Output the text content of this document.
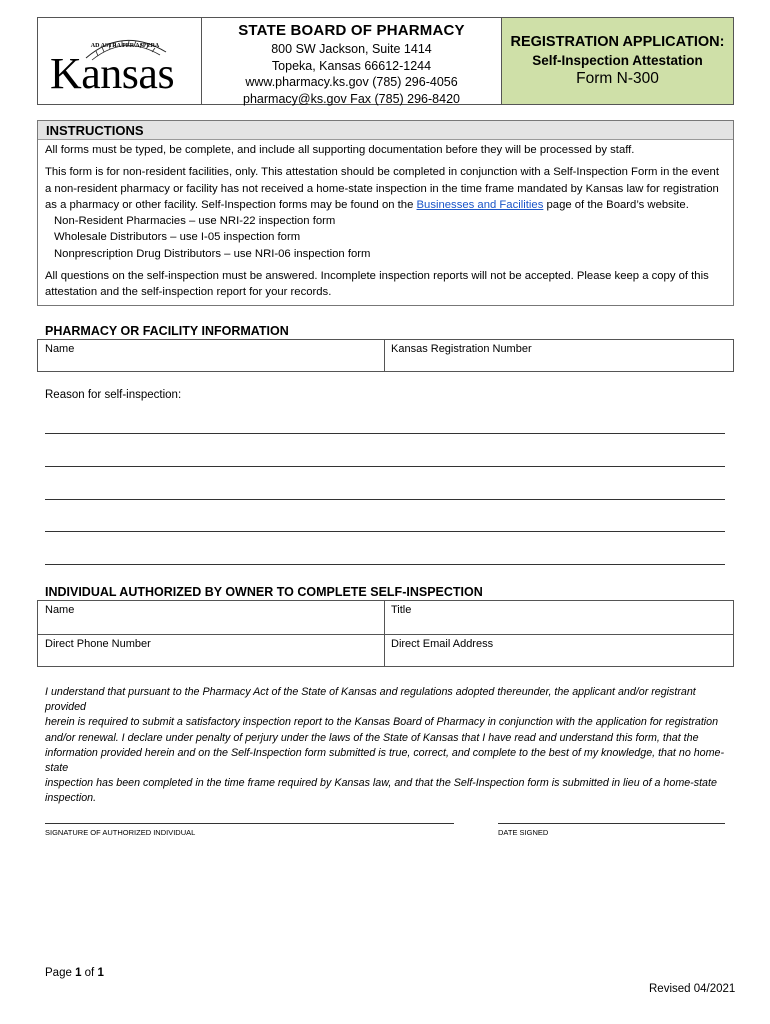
AD ASTRA PER ASPERA
Kansas
STATE BOARD OF PHARMACY
800 SW Jackson, Suite 1414
Topeka, Kansas 66612-1244
www.pharmacy.ks.gov (785) 296-4056
pharmacy@ks.gov Fax (785) 296-8420
REGISTRATION APPLICATION:
Self-Inspection Attestation
Form N-300
INSTRUCTIONS

All forms must be typed, be complete, and include all supporting documentation before they will be processed by staff.

This form is for non-resident facilities, only. This attestation should be completed in conjunction with a Self-Inspection Form in the event

a non-resident pharmacy or facility has not received a home-state inspection in the time frame mandated by Kansas law for registration

as a pharmacy or other facility. Self-Inspection forms may be found on the Businesses and Facilities page of the Board’s website.

Non-Resident Pharmacies – use NRI-22 inspection form

Wholesale Distributors – use I-05 inspection form

Nonprescription Drug Distributors – use NRI-06 inspection form

All questions on the self-inspection must be answered. Incomplete inspection reports will not be accepted. Please keep a copy of this

attestation and the self-inspection report for your records.

PHARMACY OR FACILITY INFORMATION
Name	Kansas Registration Number
Reason for self-inspection:
INDIVIDUAL AUTHORIZED BY OWNER TO COMPLETE SELF-INSPECTION
Name	Title
Direct Phone Number	Direct Email Address
I understand that pursuant to the Pharmacy Act of the State of Kansas and regulations adopted thereunder, the applicant and/or registrant provided
herein is required to submit a satisfactory inspection report to the Kansas Board of Pharmacy in conjunction with the application for registration
and/or renewal. I declare under penalty of perjury under the laws of the State of Kansas that I have read and understand this form, that the
information provided herein and on the Self-Inspection form submitted is true, correct, and complete to the best of my knowledge, that no home-state
inspection has been completed in the time frame required by Kansas law, and that the Self-Inspection form is submitted in lieu of a home-state
inspection.
SIGNATURE OF AUTHORIZED INDIVIDUAL	DATE SIGNED
Page 1 of 1
Revised 04/2021
